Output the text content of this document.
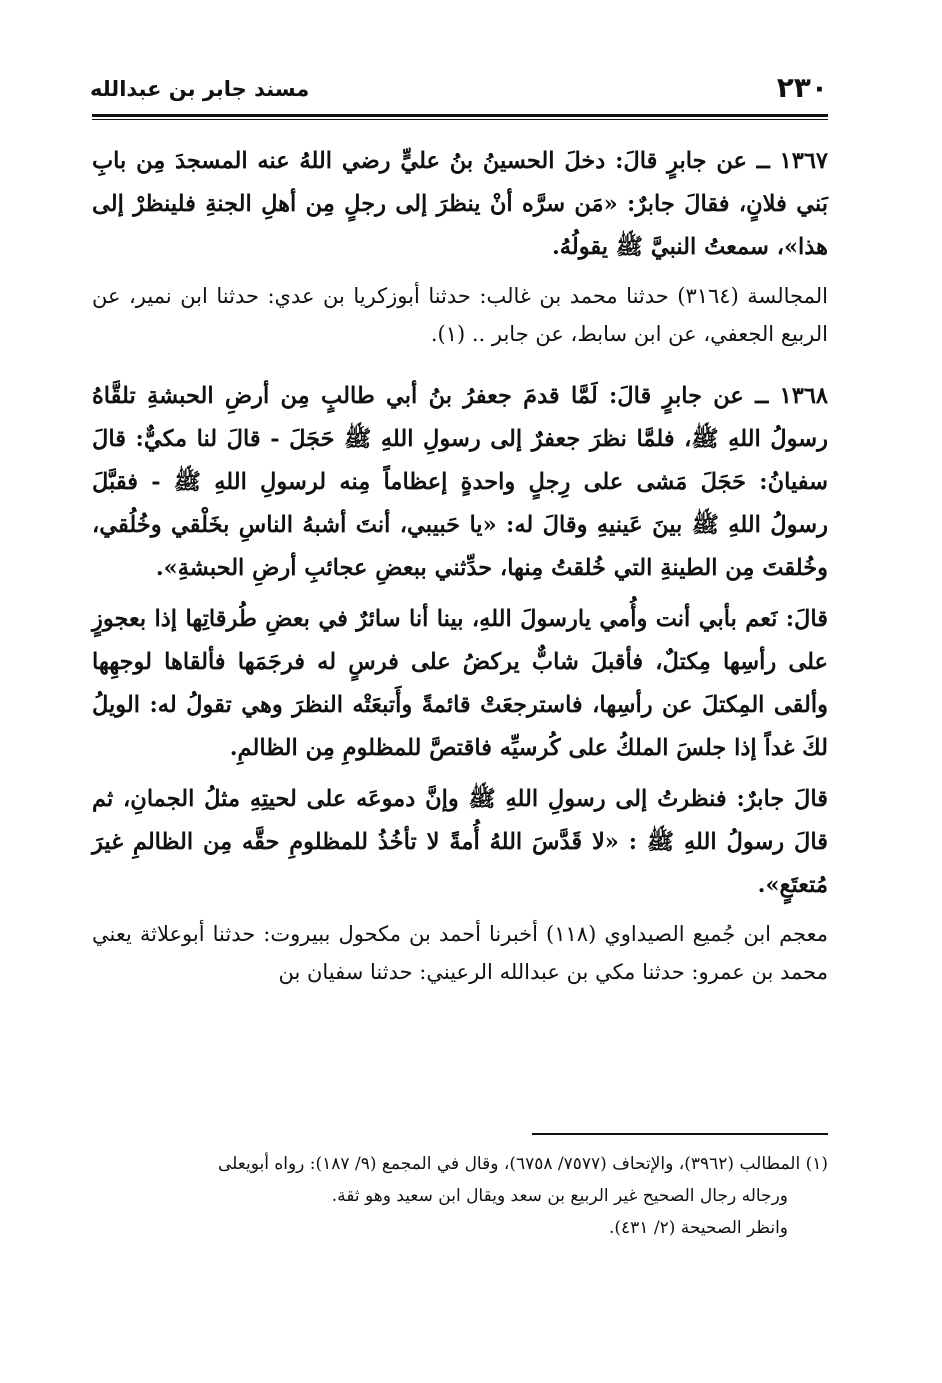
٢٣٠
مسند جابر بن عبدالله

١٣٦٧ ــ عن جابرٍ قالَ: دخلَ الحسينُ بنُ عليٍّ رضي اللهُ عنه المسجدَ مِن بابِ بَني فلانٍ، فقالَ جابرٌ: «مَن سرَّه أنْ ينظرَ إلى رجلٍ مِن أهلِ الجنةِ فلينظرْ إلى هذا»، سمعتُ النبيَّ ﷺ يقولُهُ.

المجالسة (٣١٦٤) حدثنا محمد بن غالب: حدثنا أبوزكريا بن عدي: حدثنا ابن نمير، عن الربيع الجعفي، عن ابن سابط، عن جابر .. (١).

١٣٦٨ ــ عن جابرٍ قالَ: لَمَّا قدمَ جعفرُ بنُ أبي طالبٍ مِن أرضِ الحبشةِ تلقَّاهُ رسولُ اللهِ ﷺ، فلمَّا نظرَ جعفرٌ إلى رسولِ اللهِ ﷺ حَجَلَ - قالَ لنا مكيٌّ: قالَ سفيانُ: حَجَلَ مَشى على رِجلٍ واحدةٍ إعظاماً مِنه لرسولِ اللهِ ﷺ - فقبَّلَ رسولُ اللهِ ﷺ بينَ عَينيهِ وقالَ له: «يا حَبيبي، أنتَ أشبهُ الناسِ بخَلْقي وخُلُقي، وخُلقتَ مِن الطينةِ التي خُلقتُ مِنها، حدِّثني ببعضِ عجائبِ أرضِ الحبشةِ».

قالَ: نَعم بأبي أنت وأُمي يارسولَ اللهِ، بينا أنا سائرٌ في بعضِ طُرقاتِها إذا بعجوزٍ على رأسِها مِكتلٌ، فأقبلَ شابٌّ يركضُ على فرسٍ له فرجَمَها فألقاها لوجهِها وألقى المِكتلَ عن رأسِها، فاسترجعَتْ قائمةً وأَتبعَتْه النظرَ وهي تقولُ له: الويلُ لكَ غداً إذا جلسَ الملكُ على كُرسيِّه فاقتصَّ للمظلومِ مِن الظالمِ.

قالَ جابرٌ: فنظرتُ إلى رسولِ اللهِ ﷺ وإنَّ دموعَه على لحيتِهِ مثلُ الجمانِ، ثم قالَ رسولُ اللهِ ﷺ : «لا قَدَّسَ اللهُ أُمةً لا تأخُذُ للمظلومِ حقَّه مِن الظالمِ غيرَ مُتعتَعٍ».

معجم ابن جُميع الصيداوي (١١٨) أخبرنا أحمد بن مكحول ببيروت: حدثنا أبوعلاثة يعني محمد بن عمرو: حدثنا مكي بن عبدالله الرعيني: حدثنا سفيان بن

(١) المطالب (٣٩٦٢)، والإتحاف (٧٥٧٧/ ٦٧٥٨)، وقال في المجمع (٩/ ١٨٧): رواه أبويعلى

ورجاله رجال الصحيح غير الربيع بن سعد ويقال ابن سعيد وهو ثقة.

وانظر الصحيحة (٢/ ٤٣١).
